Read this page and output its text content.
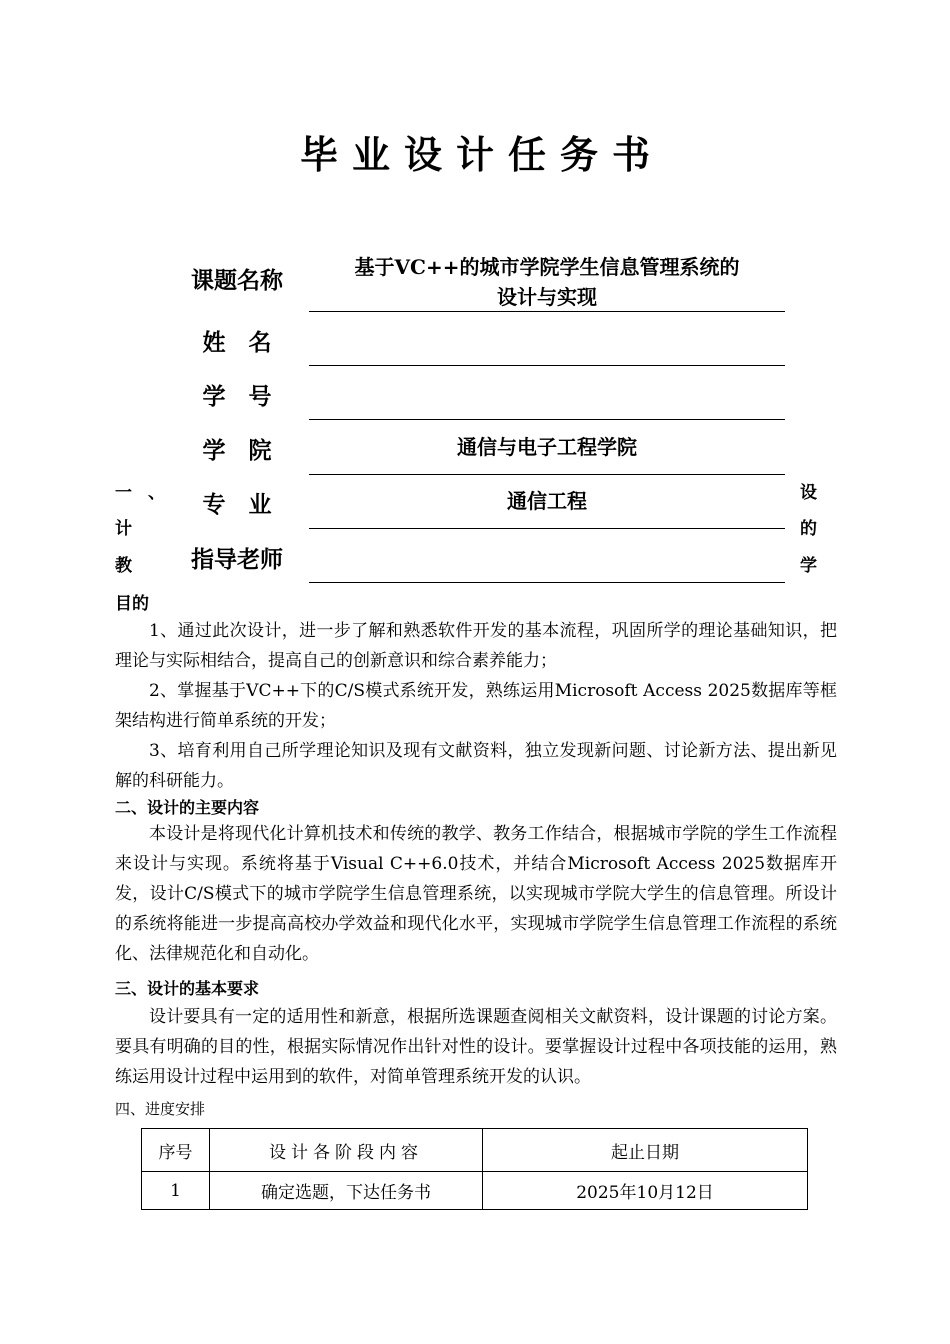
毕业设计任务书
课题名称
基于VC++的城市学院学生信息管理系统的
设计与实现
姓　名
学　号
学　院	通信与电子工程学院
专　业	通信工程
指导老师
一 、
计
教
目的
设
的
学

1、通过此次设计，进一步了解和熟悉软件开发的基本流程，巩固所学的理论基础知识，把理论与实际相结合，提高自己的创新意识和综合素养能力；

2、掌握基于VC++下的C/S模式系统开发，熟练运用Microsoft Access 2025数据库等框架结构进行简单系统的开发；

3、培育利用自己所学理论知识及现有文献资料，独立发现新问题、讨论新方法、提出新见解的科研能力。

二、设计的主要内容

本设计是将现代化计算机技术和传统的教学、教务工作结合，根据城市学院的学生工作流程来设计与实现。系统将基于Visual C++6.0技术，并结合Microsoft Access 2025数据库开发，设计C/S模式下的城市学院学生信息管理系统，以实现城市学院大学生的信息管理。所设计的系统将能进一步提高高校办学效益和现代化水平，实现城市学院学生信息管理工作流程的系统化、法律规范化和自动化。

三、设计的基本要求

设计要具有一定的适用性和新意，根据所选课题查阅相关文献资料，设计课题的讨论方案。要具有明确的目的性，根据实际情况作出针对性的设计。要掌握设计过程中各项技能的运用，熟练运用设计过程中运用到的软件，对简单管理系统开发的认识。

四、进度安排
序号	设计各阶段内容	起止日期
1	确定选题，下达任务书	2025年10月12日
